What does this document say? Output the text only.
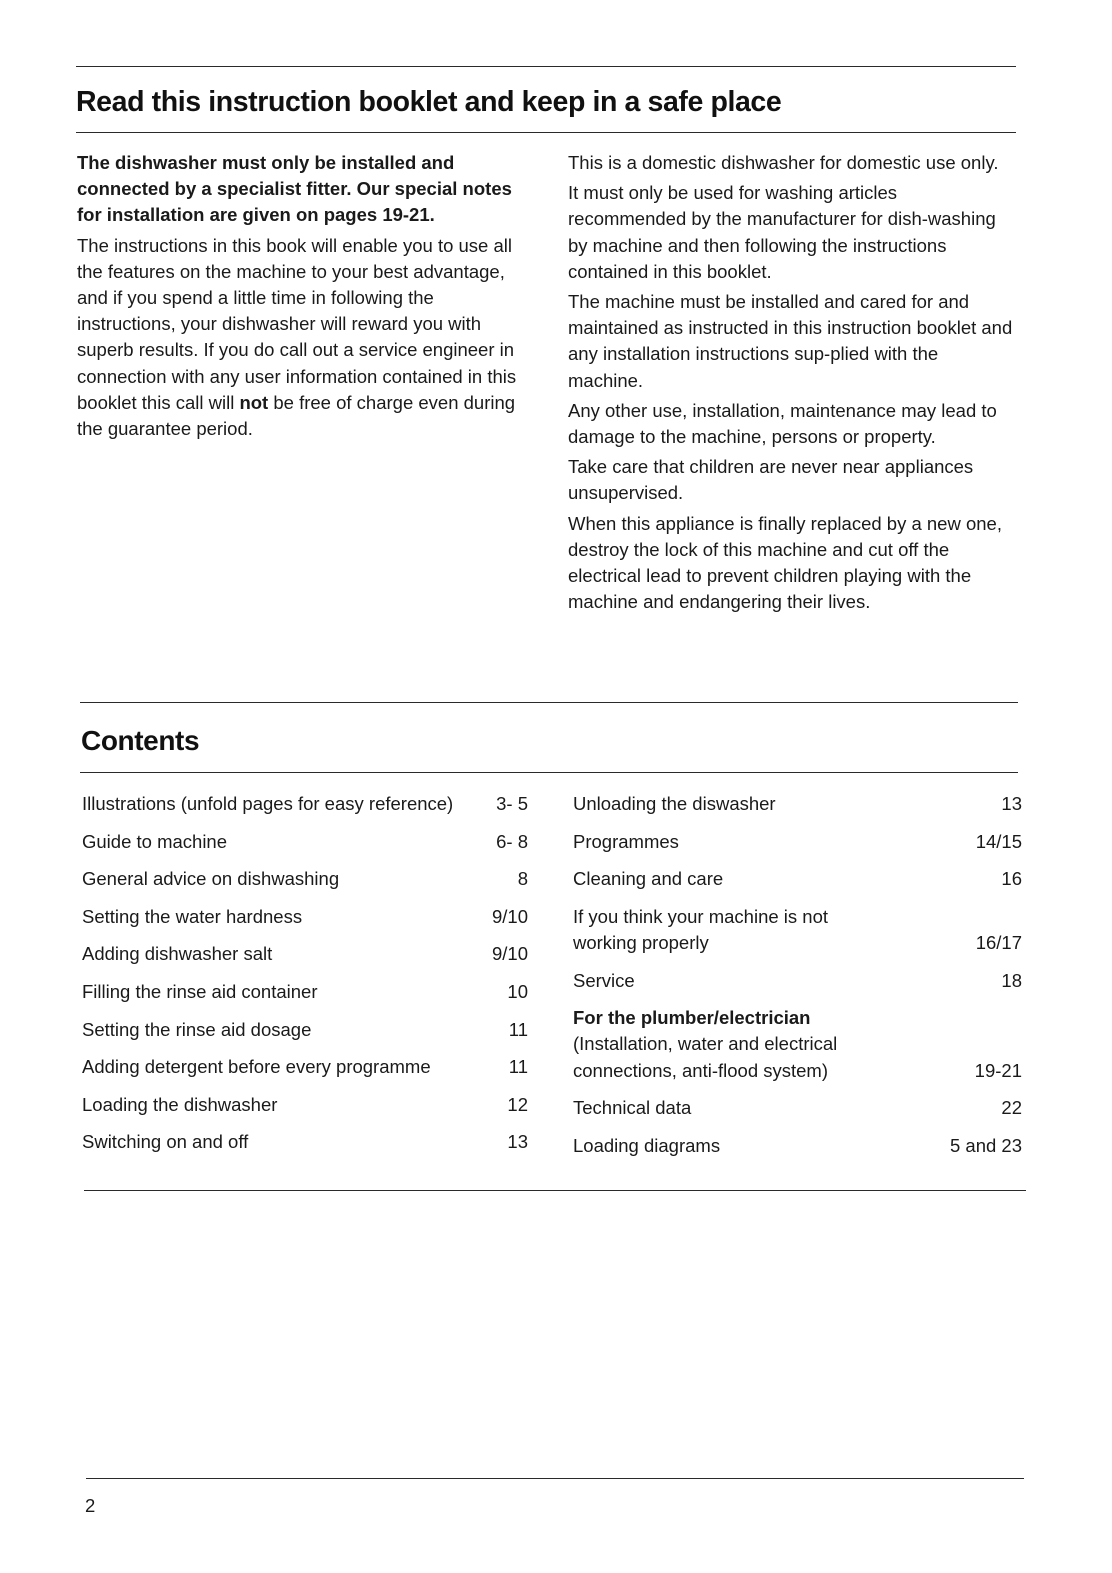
Read this instruction booklet and keep in a safe place

The dishwasher must only be installed and connected by a specialist fitter. Our special notes for installation are given on pages 19-21.

The instructions in this book will enable you to use all the features on the machine to your best advantage, and if you spend a little time in following the instructions, your dishwasher will reward you with superb results. If you do call out a service engineer in connection with any user information contained in this booklet this call will not be free of charge even during the guarantee period.

This is a domestic dishwasher for domestic use only.

It must only be used for washing articles recommended by the manufacturer for dish-washing by machine and then following the instructions contained in this booklet.

The machine must be installed and cared for and maintained as instructed in this instruction booklet and any installation instructions sup-plied with the machine.

Any other use, installation, maintenance may lead to damage to the machine, persons or property.

Take care that children are never near appliances unsupervised.

When this appliance is finally replaced by a new one, destroy the lock of this machine and cut off the electrical lead to prevent children playing with the machine and endangering their lives.

Contents
Illustrations (unfold pages for easy reference)	3- 5
Guide to machine	6- 8
General advice on dishwashing	8
Setting the water hardness	9/10
Adding dishwasher salt	9/10
Filling the rinse aid container	10
Setting the rinse aid dosage	11
Adding detergent before every programme	11
Loading the dishwasher	12
Switching on and off	13
Unloading the diswasher	13
Programmes	14/15
Cleaning and care	16
If you think your machine is not working properly	16/17
Service	18
For the plumber/electrician
(Installation, water and electrical connections, anti-flood system)	19-21
Technical data	22
Loading diagrams	5 and 23
2
